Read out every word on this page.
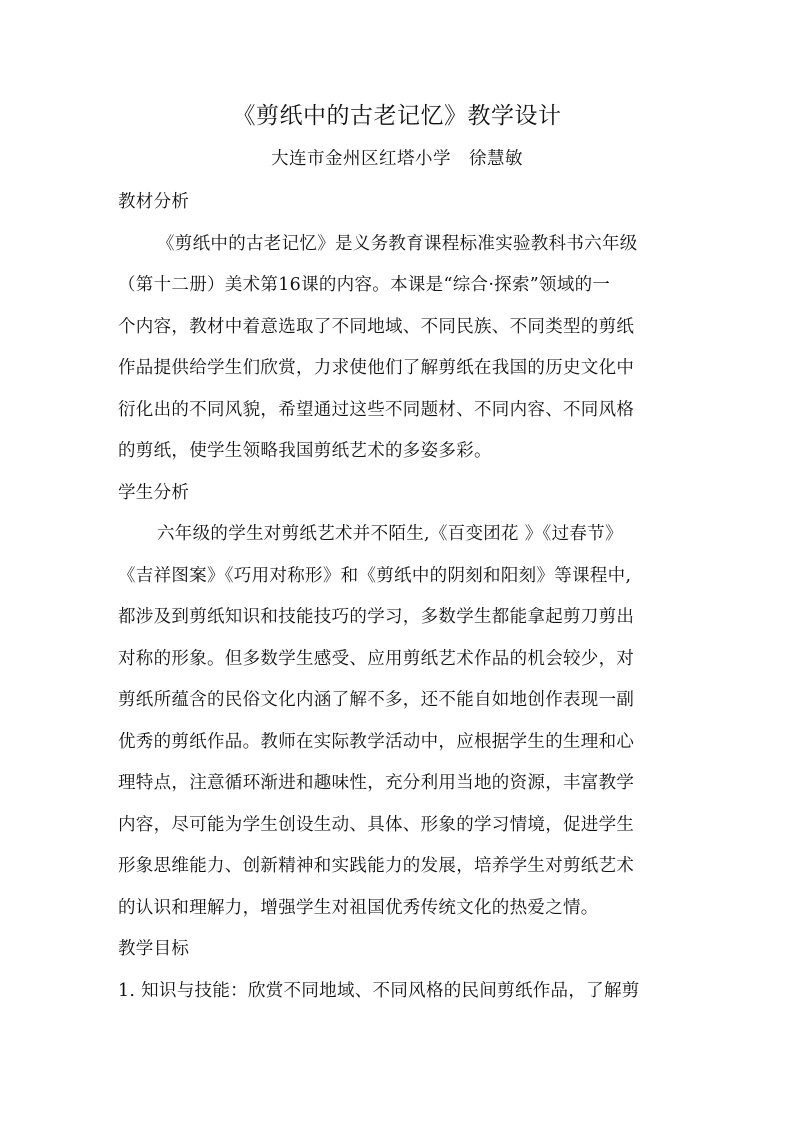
《剪纸中的古老记忆》教学设计
大连市金州区红塔小学　徐慧敏
教材分析
《剪纸中的古老记忆》是义务教育课程标准实验教科书六年级
（第十二册）美术第16课的内容。本课是“综合·探索”领域的一
个内容，教材中着意选取了不同地域、不同民族、不同类型的剪纸
作品提供给学生们欣赏，力求使他们了解剪纸在我国的历史文化中
衍化出的不同风貌，希望通过这些不同题材、不同内容、不同风格
的剪纸，使学生领略我国剪纸艺术的多姿多彩。
学生分析
六年级的学生对剪纸艺术并不陌生,《百变团花 》《过春节》
《吉祥图案》《巧用对称形》和《剪纸中的阴刻和阳刻》等课程中,
都涉及到剪纸知识和技能技巧的学习，多数学生都能拿起剪刀剪出
对称的形象。但多数学生感受、应用剪纸艺术作品的机会较少，对
剪纸所蕴含的民俗文化内涵了解不多，还不能自如地创作表现一副
优秀的剪纸作品。教师在实际教学活动中，应根据学生的生理和心
理特点，注意循环渐进和趣味性，充分利用当地的资源，丰富教学
内容，尽可能为学生创设生动、具体、形象的学习情境，促进学生
形象思维能力、创新精神和实践能力的发展，培养学生对剪纸艺术
的认识和理解力，增强学生对祖国优秀传统文化的热爱之情。
教学目标
1. 知识与技能：欣赏不同地域、不同风格的民间剪纸作品，了解剪
